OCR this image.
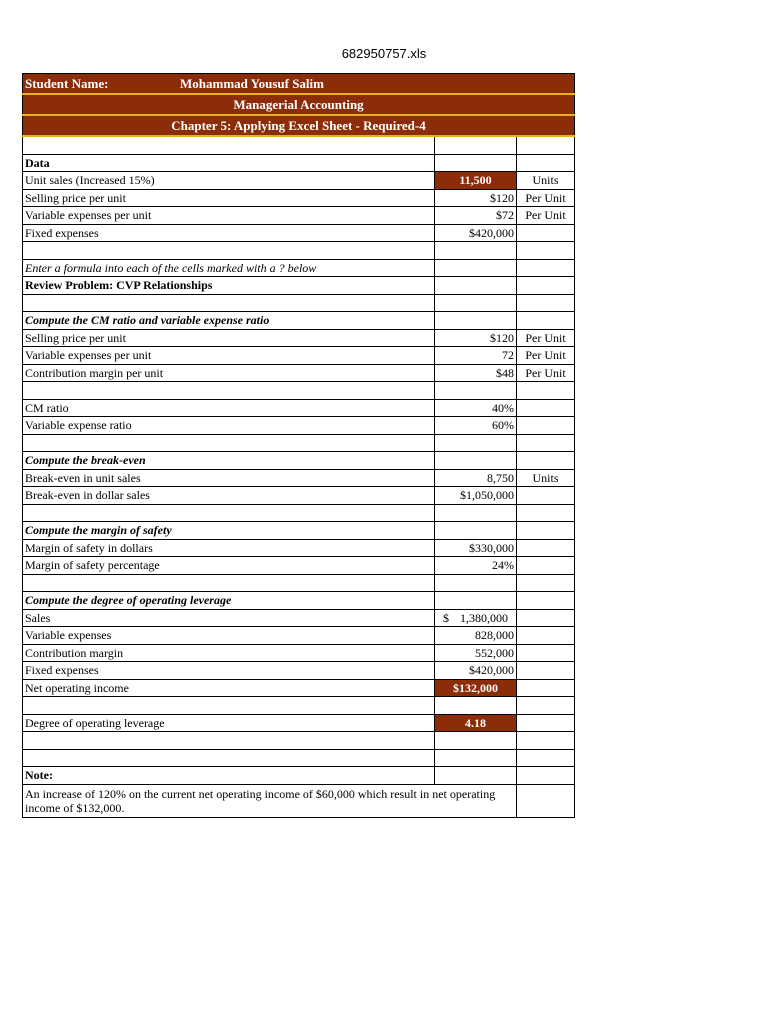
682950757.xls
Student Name: Mohammad Yousuf Salim		
Managerial Accounting		
Chapter 5: Applying Excel Sheet - Required-4		

Data		
Unit sales (Increased 15%)	11,500	Units
Selling price per unit	$120	Per Unit
Variable expenses per unit	$72	Per Unit
Fixed expenses	$420,000	

Enter a formula into each of the cells marked with a ? below		
Review Problem: CVP Relationships		

Compute the CM ratio and variable expense ratio		
Selling price per unit	$120	Per Unit
Variable expenses per unit	72	Per Unit
Contribution margin per unit	$48	Per Unit

CM ratio	40%	
Variable expense ratio	60%	

Compute the break-even		
Break-even in unit sales	8,750	Units
Break-even in dollar sales	$1,050,000	

Compute the margin of safety		
Margin of safety in dollars	$330,000	
Margin of safety percentage	24%	

Compute the degree of operating leverage		
Sales	$ 1,380,000	

Variable expenses	828,000	
Contribution margin	552,000	
Fixed expenses	$420,000	
Net operating income	$132,000	

Degree of operating leverage	4.18	

Note:		
An increase of 120% on the current net operating income of $60,000 which result in net operating income of $132,000.		
